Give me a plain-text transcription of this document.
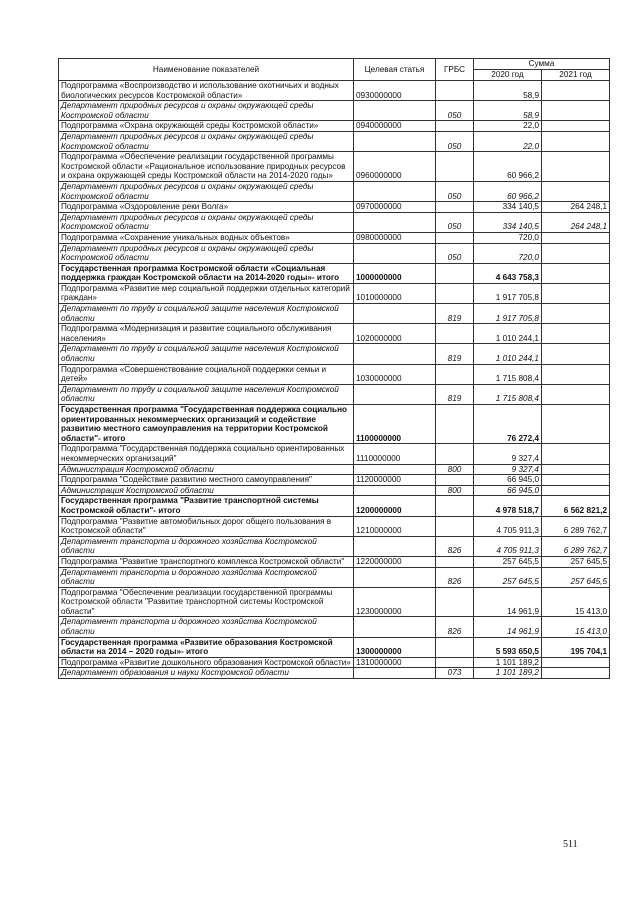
Наименование показателей	Целевая статья	ГРБС	Сумма	
			2020 год	2021 год
Подпрограмма «Воспроизводство и использование охотничьих и водных биологических ресурсов Костромской области»	0930000000		58,9	
Департамент природных ресурсов и охраны окружающей среды Костромской области		050	58,9	
Подпрограмма «Охрана окружающей среды Костромской области»	0940000000		22,0	
Департамент природных ресурсов и охраны окружающей среды Костромской области		050	22,0	
Подпрограмма «Обеспечение реализации государственной программы Костромской области «Рациональное использование природных ресурсов и охрана окружающей среды Костромской области на 2014-2020 годы»	0960000000		60 966,2	
Департамент природных ресурсов и охраны окружающей среды Костромской области		050	60 966,2	
Подпрограмма «Оздоровление реки Волга»	0970000000		334 140,5	264 248,1
Департамент природных ресурсов и охраны окружающей среды Костромской области		050	334 140,5	264 248,1
Подпрограмма «Сохранение уникальных водных объектов»	0980000000		720,0	
Департамент природных ресурсов и охраны окружающей среды Костромской области		050	720,0	
Государственная программа Костромской области «Социальная поддержка граждан Костромской области на 2014-2020 годы»- итого	1000000000		4 643 758,3	
Подпрограмма «Развитие мер социальной поддержки отдельных категорий граждан»	1010000000		1 917 705,8	
Департамент по труду и социальной защите населения Костромской области		819	1 917 705,8	
Подпрограмма «Модернизация и развитие социального обслуживания населения»	1020000000		1 010 244,1	
Департамент по труду и социальной защите населения Костромской области		819	1 010 244,1	
Подпрограмма «Совершенствование социальной поддержки семьи и детей»	1030000000		1 715 808,4	
Департамент по труду и социальной защите населения Костромской области		819	1 715 808,4	
Государственная программа "Государственная поддержка социально ориентированных некоммерческих организаций и содействие развитию местного самоуправления на территории Костромской области"- итого	1100000000		76 272,4	
Подпрограмма "Государственная поддержка социально ориентированных некоммерческих организаций"	1110000000		9 327,4	
Администрация Костромской области		800	9 327,4	
Подпрограмма "Содействие развитию местного самоуправления"	1120000000		66 945,0	
Администрация Костромской области		800	66 945,0	
Государственная программа "Развитие транспортной системы Костромской области"- итого	1200000000		4 978 518,7	6 562 821,2
Подпрограмма "Развитие автомобильных дорог общего пользования в Костромской области"	1210000000		4 705 911,3	6 289 762,7
Департамент транспорта и дорожного хозяйства Костромской области		826	4 705 911,3	6 289 762,7
Подпрограмма "Развитие транспортного комплекса Костромской области"	1220000000		257 645,5	257 645,5
Департамент транспорта и дорожного хозяйства Костромской области		826	257 645,5	257 645,5
Подпрограмма "Обеспечение реализации государственной программы Костромской области "Развитие транспортной системы Костромской области"	1230000000		14 961,9	15 413,0
Департамент транспорта и дорожного хозяйства Костромской области		826	14 961,9	15 413,0
Государственная программа «Развитие образования Костромской области на 2014 – 2020 годы»- итого	1300000000		5 593 650,5	195 704,1
Подпрограмма «Развитие дошкольного образования Костромской области»	1310000000		1 101 189,2	
Департамент образования и науки Костромской области		073	1 101 189,2	
511
